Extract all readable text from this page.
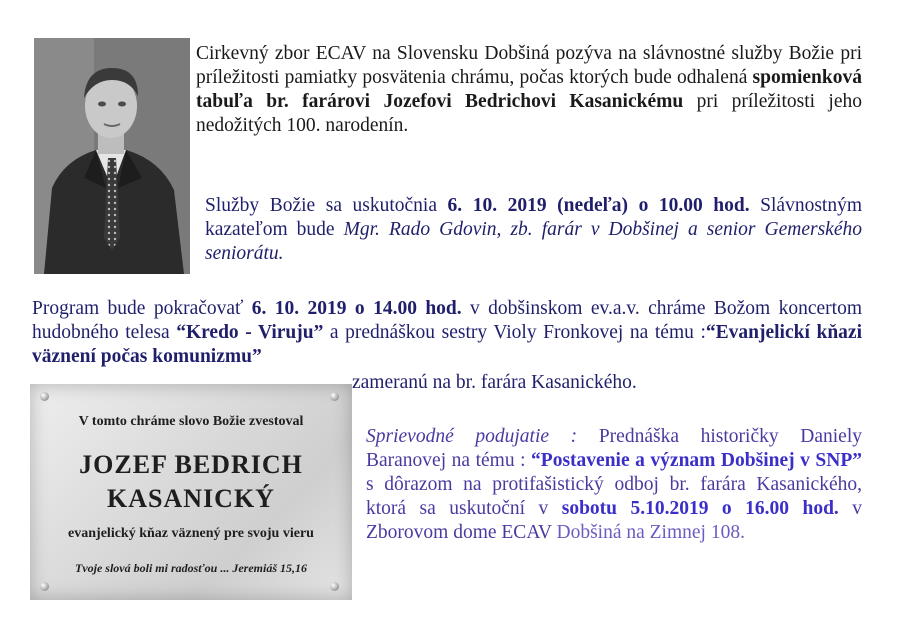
Cirkevný zbor ECAV na Slovensku Dobšiná pozýva na slávnostné služby Božie pri príležitosti pamiatky posvätenia chrámu, počas ktorých bude odhalená spomienková tabuľa br. farárovi Jozefovi Bedrichovi Kasanickému pri príležitosti jeho nedožitých 100. narodenín.

Služby Božie sa uskutočnia 6. 10. 2019 (nedeľa) o 10.00 hod. Slávnostným kazateľom bude Mgr. Rado Gdovin, zb. farár v Dobšinej a senior Gemerského seniorátu.

Program bude pokračovať 6. 10. 2019 o 14.00 hod. v dobšinskom ev.a.v. chráme Božom koncertom hudobného telesa “Kredo - Viruju” a prednáškou sestry Violy Fronkovej na tému :“Evanjelickí kňazi väznení počas komunizmu”

zameranú na br. farára Kasanického.

V tomto chráme slovo Božie zvestoval
JOZEF BEDRICH
KASANICKÝ
evanjelický kňaz väznený pre svoju vieru
Tvoje slová boli mi radosťou ... Jeremiáš 15,16

Sprievodné podujatie : Prednáška historičky Daniely Baranovej na tému : “Postavenie a význam Dobšinej v SNP” s dôrazom na protifašistický odboj br. farára Kasanického, ktorá sa uskutoční v sobotu 5.10.2019 o 16.00 hod. v Zborovom dome ECAV Dobšiná na Zimnej 108.
